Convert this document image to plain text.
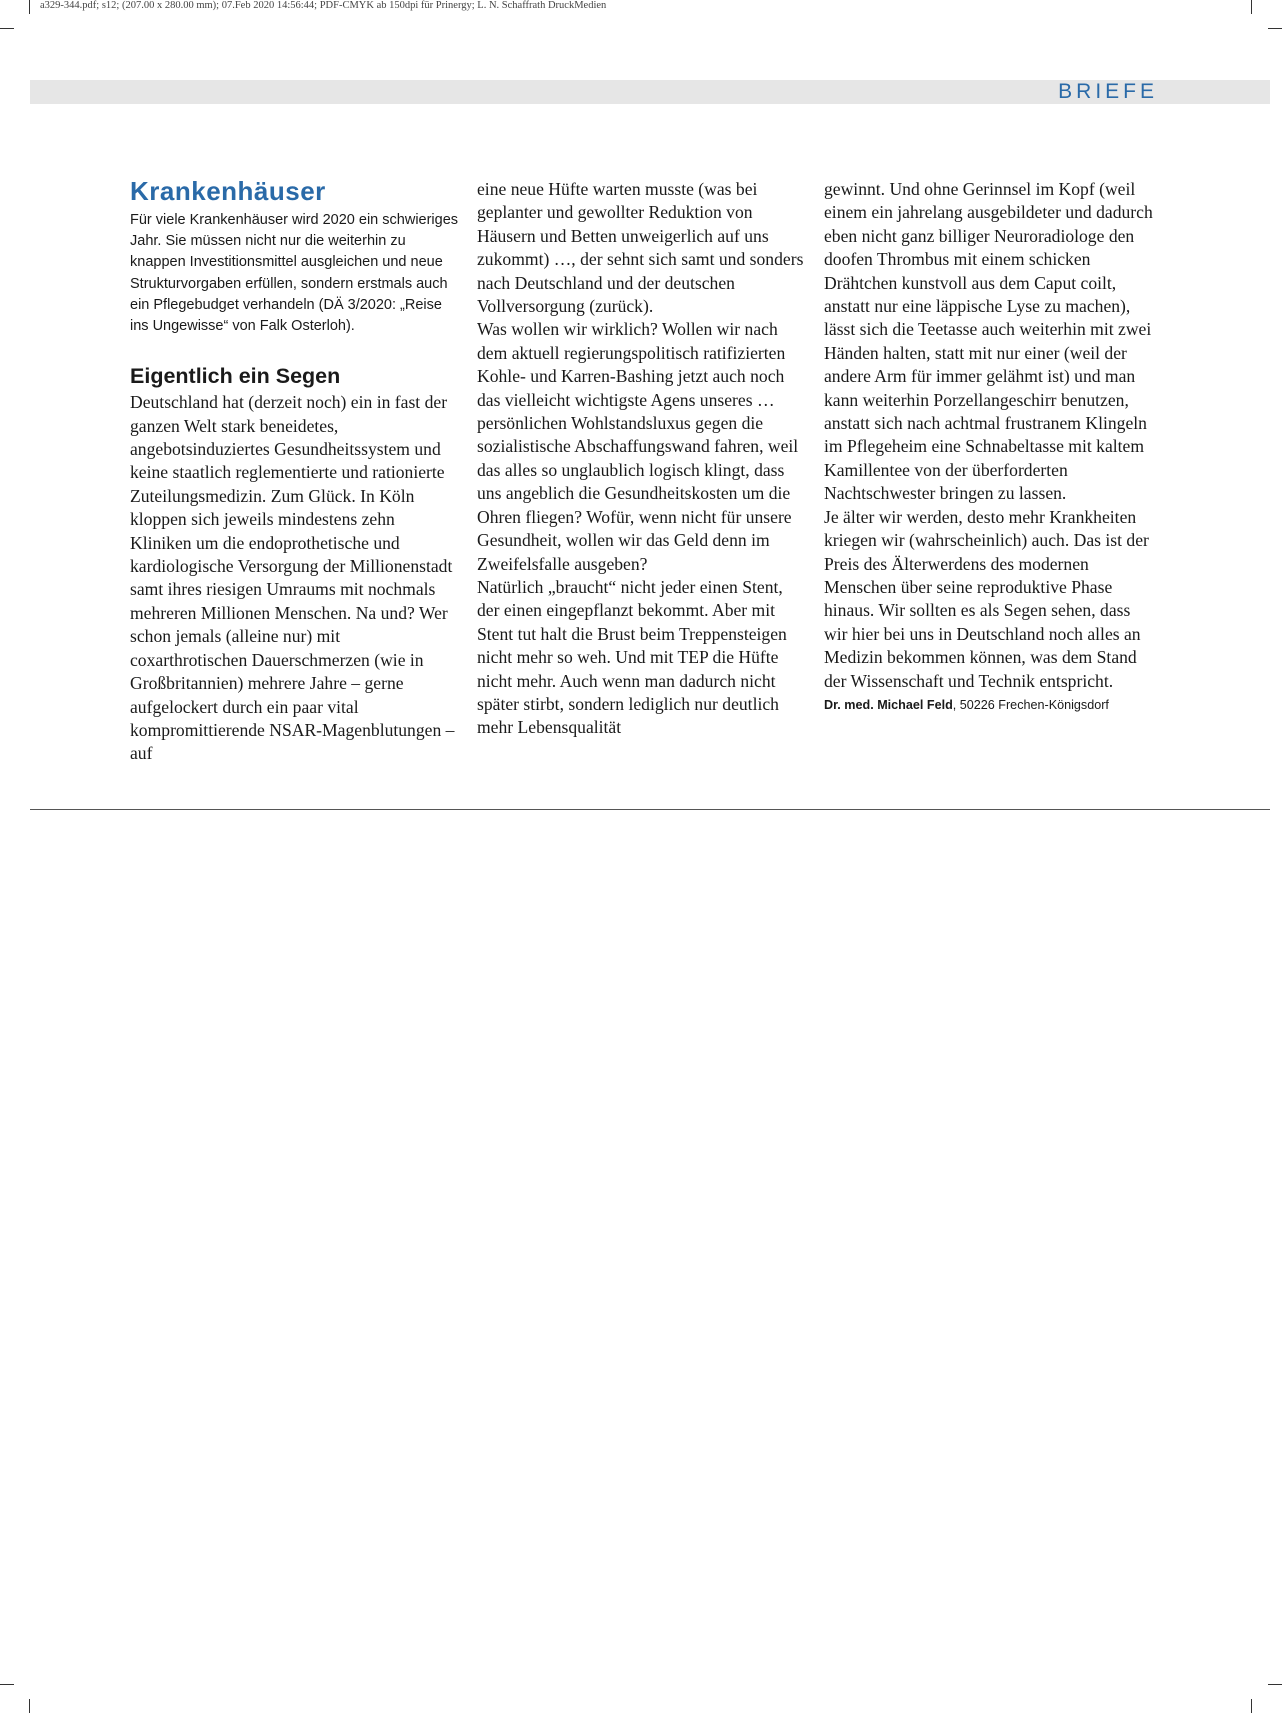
a329-344.pdf; s12; (207.00 x 280.00 mm); 07.Feb 2020 14:56:44; PDF-CMYK ab 150dpi für Prinergy; L. N. Schaffrath DruckMedien
BRIEFE
Krankenhäuser

Für viele Krankenhäuser wird 2020 ein schwieriges Jahr. Sie müssen nicht nur die weiterhin zu knappen Investitionsmittel ausgleichen und neue Strukturvorgaben erfüllen, sondern erstmals auch ein Pflegebudget verhandeln (DÄ 3/2020: „Reise ins Ungewisse“ von Falk Osterloh).

Eigentlich ein Segen

Deutschland hat (derzeit noch) ein in fast der ganzen Welt stark beneidetes, angebotsinduziertes Gesundheitssystem und keine staatlich reglementierte und rationierte Zuteilungsmedizin. Zum Glück. In Köln kloppen sich jeweils mindestens zehn Kliniken um die endoprothetische und kardiologische Versorgung der Millionenstadt samt ihres riesigen Umraums mit nochmals mehreren Millionen Menschen. Na und? Wer schon jemals (alleine nur) mit coxarthrotischen Dauerschmerzen (wie in Großbritannien) mehrere Jahre – gerne aufgelockert durch ein paar vital kompromittierende NSAR-Magenblutungen – auf

eine neue Hüfte warten musste (was bei geplanter und gewollter Reduktion von Häusern und Betten unweigerlich auf uns zukommt) …, der sehnt sich samt und sonders nach Deutschland und der deutschen Vollversorgung (zurück).

Was wollen wir wirklich? Wollen wir nach dem aktuell regierungspolitisch ratifizierten Kohle- und Karren-Bashing jetzt auch noch das vielleicht wichtigste Agens unseres … persönlichen Wohlstandsluxus gegen die sozialistische Abschaffungswand fahren, weil das alles so unglaublich logisch klingt, dass uns angeblich die Gesundheitskosten um die Ohren fliegen? Wofür, wenn nicht für unsere Gesundheit, wollen wir das Geld denn im Zweifelsfalle ausgeben?

Natürlich „braucht“ nicht jeder einen Stent, der einen eingepflanzt bekommt. Aber mit Stent tut halt die Brust beim Treppensteigen nicht mehr so weh. Und mit TEP die Hüfte nicht mehr. Auch wenn man dadurch nicht später stirbt, sondern lediglich nur deutlich mehr Lebensqualität

gewinnt. Und ohne Gerinnsel im Kopf (weil einem ein jahrelang ausgebildeter und dadurch eben nicht ganz billiger Neuroradiologe den doofen Thrombus mit einem schicken Drähtchen kunstvoll aus dem Caput coilt, anstatt nur eine läppische Lyse zu machen), lässt sich die Teetasse auch weiterhin mit zwei Händen halten, statt mit nur einer (weil der andere Arm für immer gelähmt ist) und man kann weiterhin Porzellangeschirr benutzen, anstatt sich nach achtmal frustranem Klingeln im Pflegeheim eine Schnabeltasse mit kaltem Kamillentee von der überforderten Nachtschwester bringen zu lassen.

Je älter wir werden, desto mehr Krankheiten kriegen wir (wahrscheinlich) auch. Das ist der Preis des Älterwerdens des modernen Menschen über seine reproduktive Phase hinaus. Wir sollten es als Segen sehen, dass wir hier bei uns in Deutschland noch alles an Medizin bekommen können, was dem Stand der Wissenschaft und Technik entspricht.

Dr. med. Michael Feld, 50226 Frechen-Königsdorf
